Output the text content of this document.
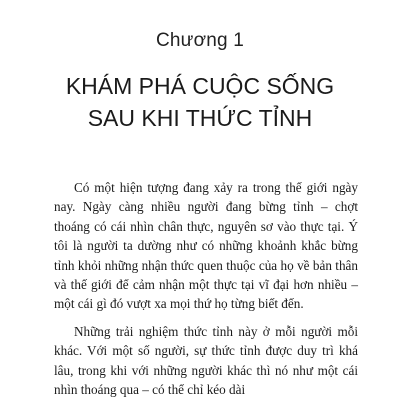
Chương 1
KHÁM PHÁ CUỘC SỐNG
SAU KHI THỨC TỈNH

Có một hiện tượng đang xảy ra trong thế giới ngày nay. Ngày càng nhiều người đang bừng tỉnh – chợt thoáng có cái nhìn chân thực, nguyên sơ vào thực tại. Ý tôi là người ta dường như có những khoảnh khắc bừng tỉnh khỏi những nhận thức quen thuộc của họ về bản thân và thế giới để cảm nhận một thực tại vĩ đại hơn nhiều – một cái gì đó vượt xa mọi thứ họ từng biết đến.

Những trải nghiệm thức tỉnh này ở mỗi người mỗi khác. Với một số người, sự thức tỉnh được duy trì khá lâu, trong khi với những người khác thì nó như một cái nhìn thoáng qua – có thể chỉ kéo dài
